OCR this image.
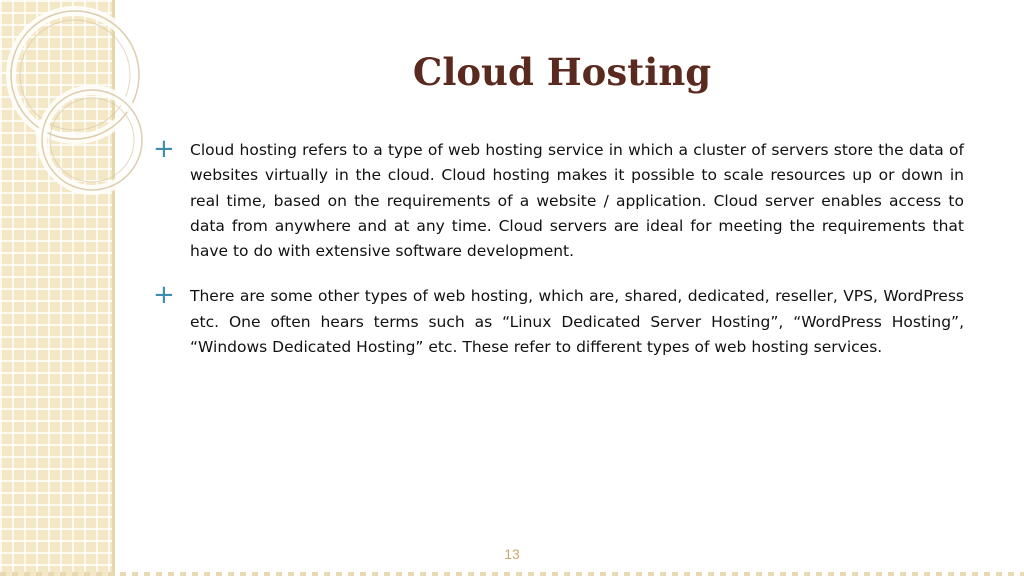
Cloud Hosting
+ Cloud hosting refers to a type of web hosting service in which a cluster of servers store the data of websites virtually in the cloud. Cloud hosting makes it possible to scale resources up or down in real time, based on the requirements of a website / application. Cloud server enables access to data from anywhere and at any time. Cloud servers are ideal for meeting the requirements that have to do with extensive software development.

+ There are some other types of web hosting, which are, shared, dedicated, reseller, VPS, WordPress etc. One often hears terms such as “Linux Dedicated Server Hosting”, “WordPress Hosting”, “Windows Dedicated Hosting” etc. These refer to different types of web hosting services.

13
